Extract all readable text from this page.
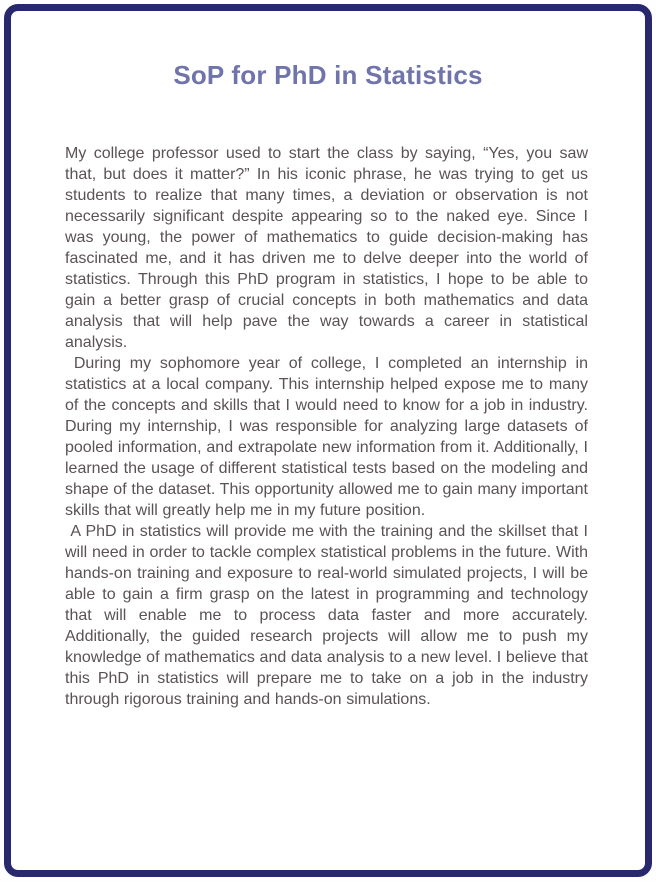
SoP for PhD in Statistics

My college professor used to start the class by saying, “Yes, you saw that, but does it matter?” In his iconic phrase, he was trying to get us students to realize that many times, a deviation or observation is not necessarily significant despite appearing so to the naked eye. Since I was young, the power of mathematics to guide decision-making has fascinated me, and it has driven me to delve deeper into the world of statistics. Through this PhD program in statistics, I hope to be able to gain a better grasp of crucial concepts in both mathematics and data analysis that will help pave the way towards a career in statistical analysis.

During my sophomore year of college, I completed an internship in statistics at a local company. This internship helped expose me to many of the concepts and skills that I would need to know for a job in industry. During my internship, I was responsible for analyzing large datasets of pooled information, and extrapolate new information from it. Additionally, I learned the usage of different statistical tests based on the modeling and shape of the dataset. This opportunity allowed me to gain many important skills that will greatly help me in my future position.

A PhD in statistics will provide me with the training and the skillset that I will need in order to tackle complex statistical problems in the future. With hands-on training and exposure to real-world simulated projects, I will be able to gain a firm grasp on the latest in programming and technology that will enable me to process data faster and more accurately. Additionally, the guided research projects will allow me to push my knowledge of mathematics and data analysis to a new level. I believe that this PhD in statistics will prepare me to take on a job in the industry through rigorous training and hands-on simulations.
